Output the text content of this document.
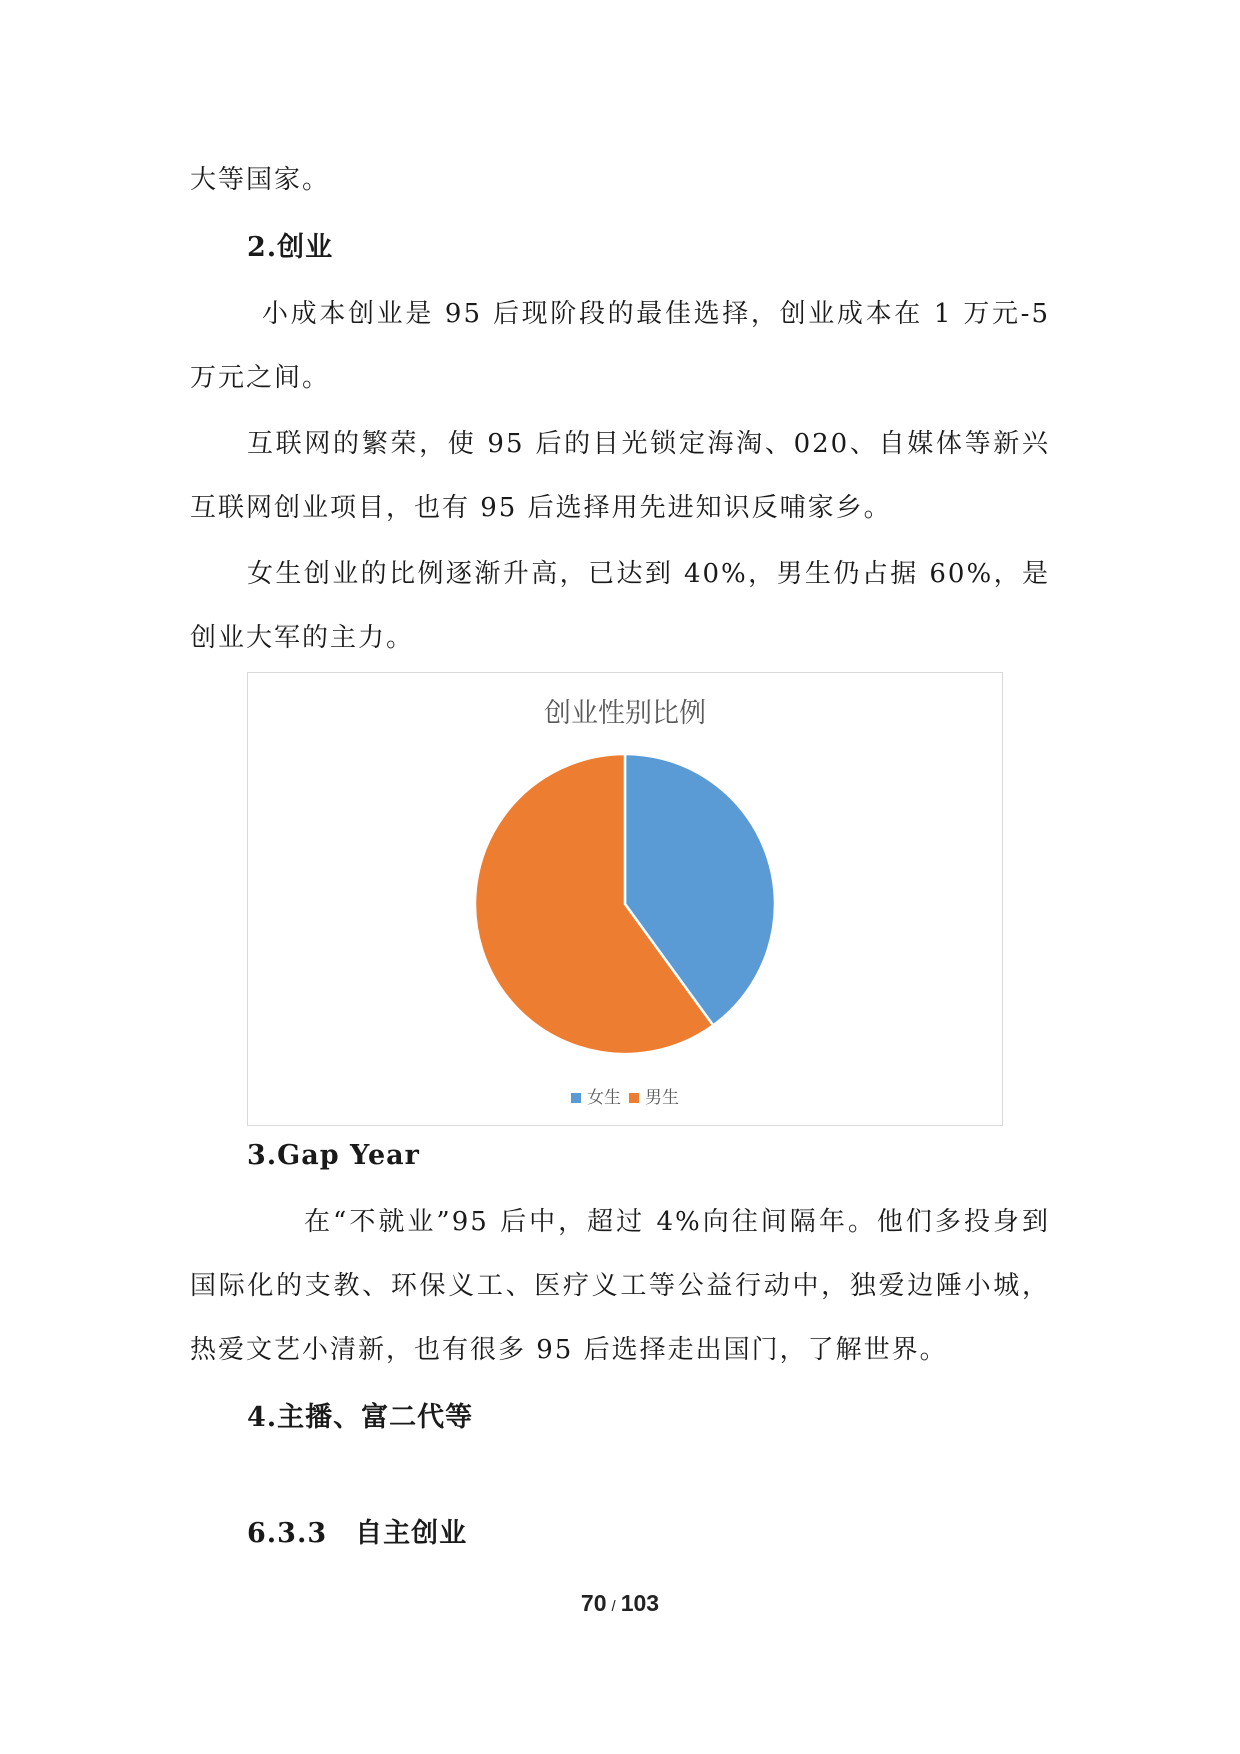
大等国家。

2.创业

小成本创业是 95 后现阶段的最佳选择，创业成本在 1 万元-5 万元之间。

互联网的繁荣，使 95 后的目光锁定海淘、020、自媒体等新兴互联网创业项目，也有 95 后选择用先进知识反哺家乡。

女生创业的比例逐渐升高，已达到 40%，男生仍占据 60%，是创业大军的主力。

创业性别比例
女生 男生
3.Gap Year

在“不就业”95 后中，超过 4%向往间隔年。他们多投身到国际化的支教、环保义工、医疗义工等公益行动中，独爱边陲小城，热爱文艺小清新，也有很多 95 后选择走出国门，了解世界。

4.主播、富二代等
6.3.3　自主创业
70 / 103
